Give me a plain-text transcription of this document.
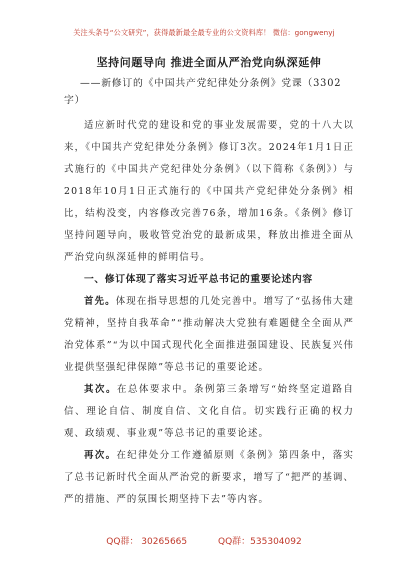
关注头条号“公文研究”，获得最新最全最专业的公文资料库！ 微信：gongwenyj
坚持问题导向 推进全面从严治党向纵深延伸

——新修订的《中国共产党纪律处分条例》党课（3302字）

适应新时代党的建设和党的事业发展需要，党的十八大以来，《中国共产党纪律处分条例》修订3次。2024年1月1日正式施行的《中国共产党纪律处分条例》（以下简称《条例》）与2018年10月1日正式施行的《中国共产党纪律处分条例》相比，结构没变，内容修改完善76条，增加16条。《条例》修订坚持问题导向，吸收管党治党的最新成果，释放出推进全面从严治党向纵深延伸的鲜明信号。

一、修订体现了落实习近平总书记的重要论述内容

首先。体现在指导思想的几处完善中。增写了“弘扬伟大建党精神，坚持自我革命”“推动解决大党独有难题健全全面从严治党体系”“为以中国式现代化全面推进强国建设、民族复兴伟业提供坚强纪律保障”等总书记的重要论述。

其次。在总体要求中。条例第三条增写“始终坚定道路自信、理论自信、制度自信、文化自信。切实践行正确的权力观、政绩观、事业观”等总书记的重要论述。

再次。在纪律处分工作遵循原则《条例》第四条中，落实了总书记新时代全面从严治党的新要求，增写了“把严的基调、严的措施、严的氛围长期坚持下去”等内容。

QQ群： 30265665	QQ群：535304092
